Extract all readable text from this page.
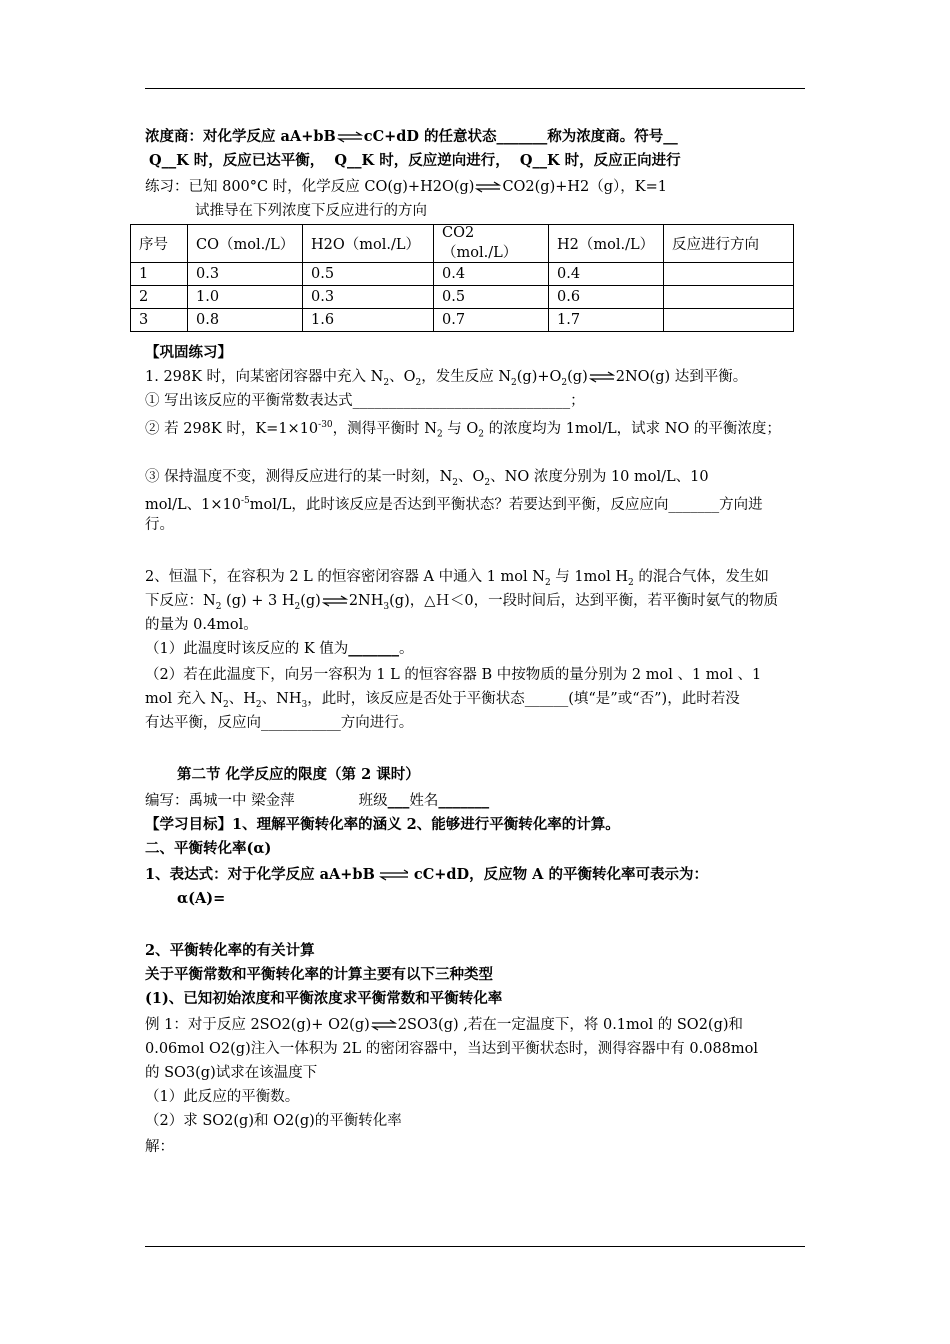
浓度商：对化学反应 aA+bB⇌cC+dD 的任意状态_______称为浓度商。符号__
Q__K 时，反应已达平衡， Q__K 时，反应逆向进行， Q__K 时，反应正向进行
练习：已知 800°C 时，化学反应 CO(g)+H2O(g)⇌CO2(g)+H2（g），K=1
试推导在下列浓度下反应进行的方向
序号	CO（mol./L）	H2O（mol./L）	CO2（mol./L）	H2（mol./L）	反应进行方向
1	0.3	0.5	0.4	0.4	
2	1.0	0.3	0.5	0.6	
3	0.8	1.6	0.7	1.7	
【巩固练习】
1. 298K 时，向某密闭容器中充入 $N_2$、$O_2$，发生反应 $N_2(g)+O_2(g)\rightleftharpoons 2NO(g)$ 达到平衡。
① 写出该反应的平衡常数表达式______________________________；
② 若 298K 时，$K=1\times 10^{-30}$，测得平衡时 $N_2$ 与 $O_2$ 的浓度均为 1mol/L，试求 NO 的平衡浓度；
③ 保持温度不变，测得反应进行的某一时刻，$N_2$、$O_2$、NO 浓度分别为 10 mol/L、10
mol/L、$1\times 10^{-5}mol/L$，此时该反应是否达到平衡状态？若要达到平衡，反应应向_______方向进
行。
2、恒温下，在容积为 2 L 的恒容密闭容器 A 中通入 1 mol $N_2$ 与 1mol $H_2$ 的混合气体，发生如
下反应：$N_2$ (g) + 3 $H_2(g)\rightleftharpoons 2NH_3(g)$，△Ｈ＜0，一段时间后，达到平衡，若平衡时氨气的物质
的量为 0.4mol。
（1）此温度时该反应的 K 值为_______。
（2）若在此温度下，向另一容积为 1 L 的恒容容器 B 中按物质的量分别为 2 mol 、1 mol 、1
mol 充入 $N_2$、$H_2$、$NH_3$，此时，该反应是否处于平衡状态______(填“是”或“否”)，此时若没
有达平衡，反应向___________方向进行。
第二节 化学反应的限度（第 2 课时）
编写：禹城一中 梁金萍	班级___姓名_______
【学习目标】1、理解平衡转化率的涵义 2、能够进行平衡转化率的计算。
二、平衡转化率(α)
1、表达式：对于化学反应 aA+bB⇌ cC+dD，反应物 A 的平衡转化率可表示为：
α(A)=
2、平衡转化率的有关计算
关于平衡常数和平衡转化率的计算主要有以下三种类型
(1)、已知初始浓度和平衡浓度求平衡常数和平衡转化率
例 1：对于反应 2SO2(g)+ O2(g)⇌2SO3(g) ,若在一定温度下，将 0.1mol 的 SO2(g)和
0.06mol O2(g)注入一体积为 2L 的密闭容器中，当达到平衡状态时，测得容器中有 0.088mol
的 SO3(g)试求在该温度下
（1）此反应的平衡数。
（2）求 SO2(g)和 O2(g)的平衡转化率
解：
